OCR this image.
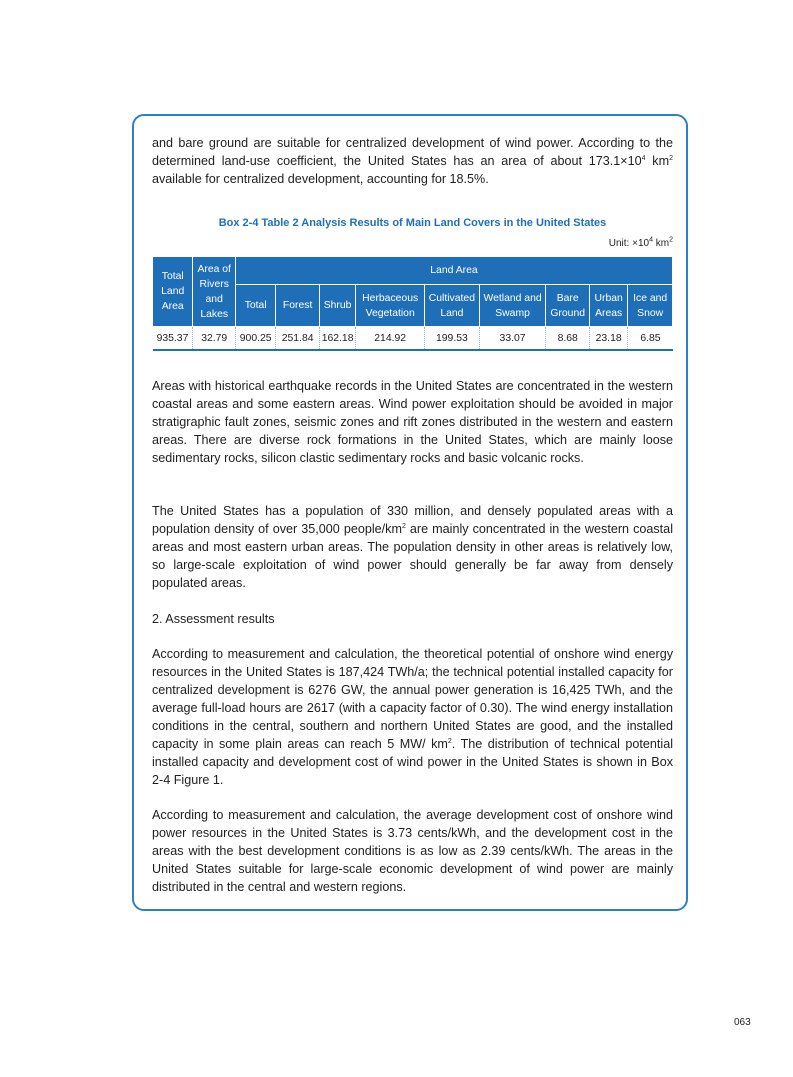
and bare ground are suitable for centralized development of wind power. According to the determined land-use coefficient, the United States has an area of about $173.1\times 10^4$ $km^2$ available for centralized development, accounting for 18.5%.

Box 2-4 Table 2 Analysis Results of Main Land Covers in the United States

Unit: $\times 10^4$ $km^2$

Total Land Area	Area of Rivers and Lakes	Land Area								
		Total	Forest	Shrub	Herbaceous Vegetation	Cultivated Land	Wetland and Swamp	Bare Ground	Urban Areas	Ice and Snow
935.37	32.79	900.25	251.84	162.18	214.92	199.53	33.07	8.68	23.18	6.85

Areas with historical earthquake records in the United States are concentrated in the western coastal areas and some eastern areas. Wind power exploitation should be avoided in major stratigraphic fault zones, seismic zones and rift zones distributed in the western and eastern areas. There are diverse rock formations in the United States, which are mainly loose sedimentary rocks, silicon clastic sedimentary rocks and basic volcanic rocks.

The United States has a population of 330 million, and densely populated areas with a population density of over 35,000 people/$km^2$ are mainly concentrated in the western coastal areas and most eastern urban areas. The population density in other areas is relatively low, so large-scale exploitation of wind power should generally be far away from densely populated areas.

2. Assessment results

According to measurement and calculation, the theoretical potential of onshore wind energy resources in the United States is 187,424 TWh/a; the technical potential installed capacity for centralized development is 6276 GW, the annual power generation is 16,425 TWh, and the average full-load hours are 2617 (with a capacity factor of 0.30). The wind energy installation conditions in the central, southern and northern United States are good, and the installed capacity in some plain areas can reach 5 MW/ $km^2$. The distribution of technical potential installed capacity and development cost of wind power in the United States is shown in Box 2-4 Figure 1.

According to measurement and calculation, the average development cost of onshore wind power resources in the United States is 3.73 cents/kWh, and the development cost in the areas with the best development conditions is as low as 2.39 cents/kWh. The areas in the United States suitable for large-scale economic development of wind power are mainly distributed in the central and western regions.

063
